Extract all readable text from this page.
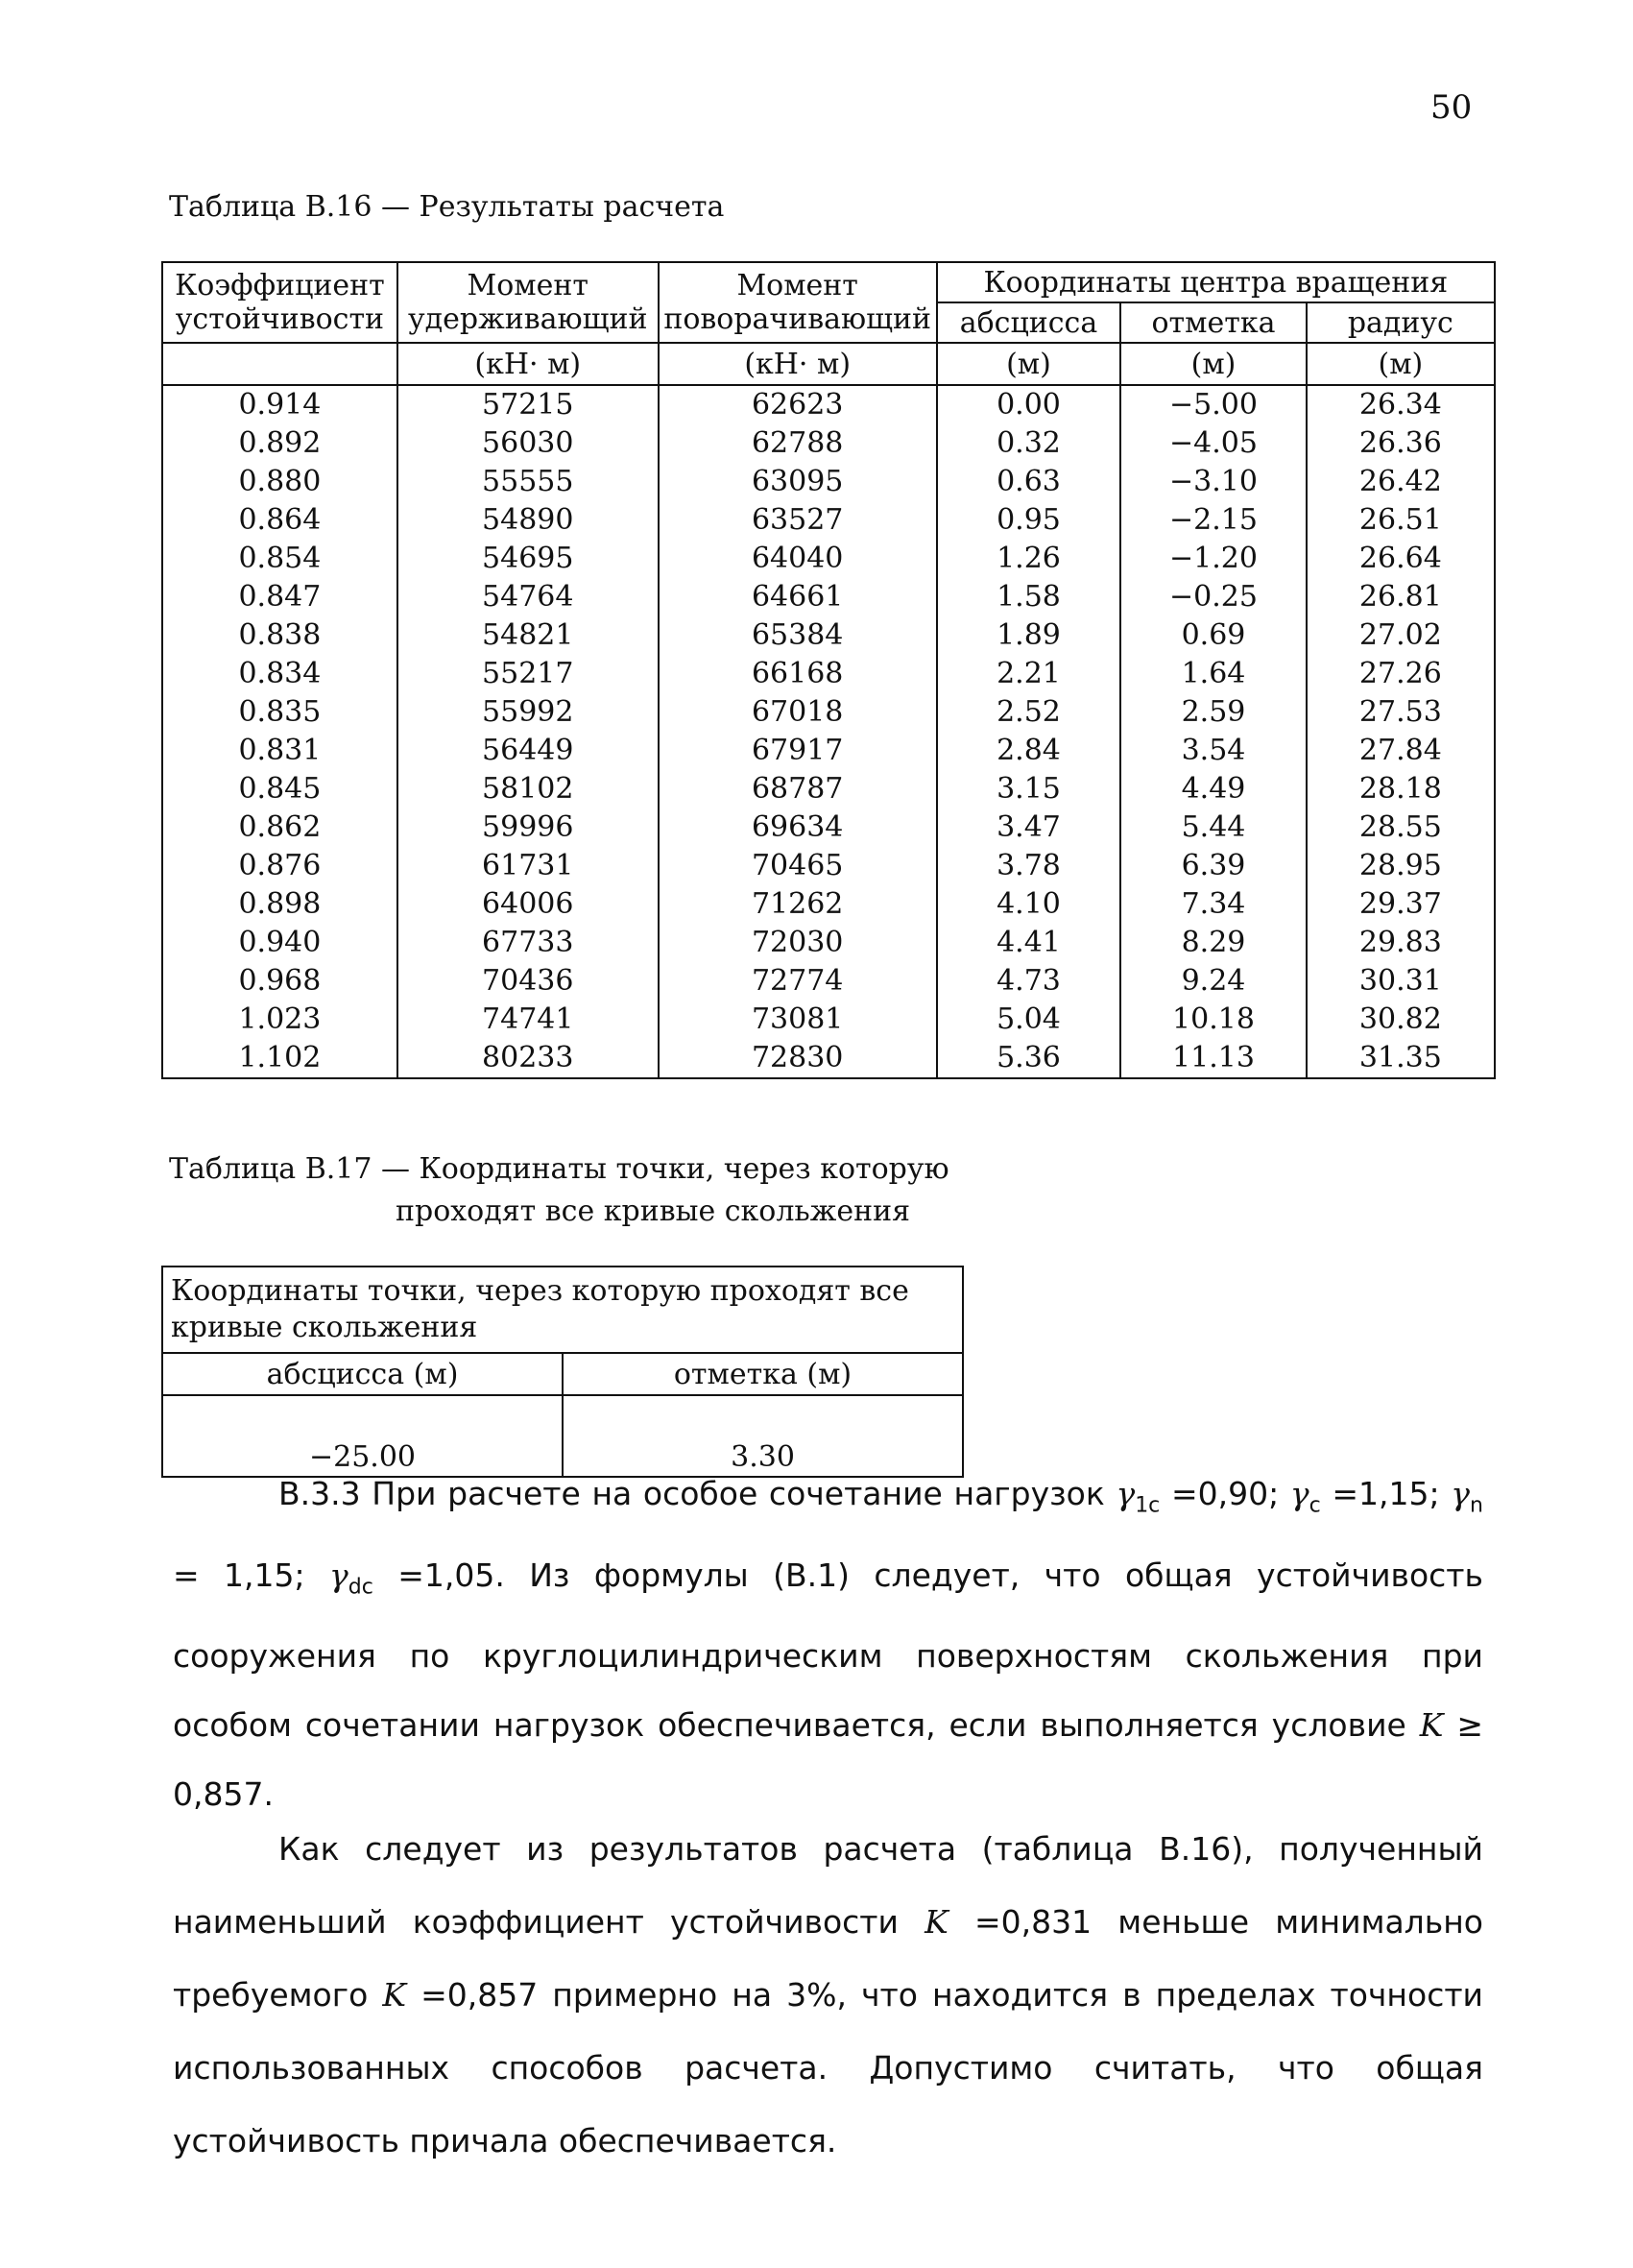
50
Таблица В.16 — Результаты расчета
Коэффициент устойчивости	Момент удерживающий	Момент поворачивающий	Координаты центра вращения		
			абсцисса	отметка	радиус
	(кН· м)	(кН· м)	(м)	(м)	(м)
0.914	57215	62623	0.00	−5.00	26.34
0.892	56030	62788	0.32	−4.05	26.36
0.880	55555	63095	0.63	−3.10	26.42
0.864	54890	63527	0.95	−2.15	26.51
0.854	54695	64040	1.26	−1.20	26.64
0.847	54764	64661	1.58	−0.25	26.81
0.838	54821	65384	1.89	0.69	27.02
0.834	55217	66168	2.21	1.64	27.26
0.835	55992	67018	2.52	2.59	27.53
0.831	56449	67917	2.84	3.54	27.84
0.845	58102	68787	3.15	4.49	28.18
0.862	59996	69634	3.47	5.44	28.55
0.876	61731	70465	3.78	6.39	28.95
0.898	64006	71262	4.10	7.34	29.37
0.940	67733	72030	4.41	8.29	29.83
0.968	70436	72774	4.73	9.24	30.31
1.023	74741	73081	5.04	10.18	30.82
1.102	80233	72830	5.36	11.13	31.35
Таблица В.17 — Координаты точки, через которую
проходят все кривые скольжения
Координаты точки, через которую проходят все кривые скольжения	
абсцисса (м)	отметка (м)
−25.00	3.30
В.3.3 При расчете на особое сочетание нагрузок $\gamma_{1c} =0,90$; $\gamma_c =1,15$; $\gamma_n = 1,15$; $\gamma_{dc} =1,05$. Из формулы (В.1) следует, что общая устойчивость сооружения по круглоцилиндрическим поверхностям скольжения при особом сочетании нагрузок обеспечивается, если выполняется условие K ≥ 0,857.
Как следует из результатов расчета (таблица В.16), полученный наименьший коэффициент устойчивости K =0,831 меньше минимально требуемого K =0,857 примерно на 3%, что находится в пределах точности использованных способов расчета. Допустимо считать, что общая устойчивость причала обеспечивается.
